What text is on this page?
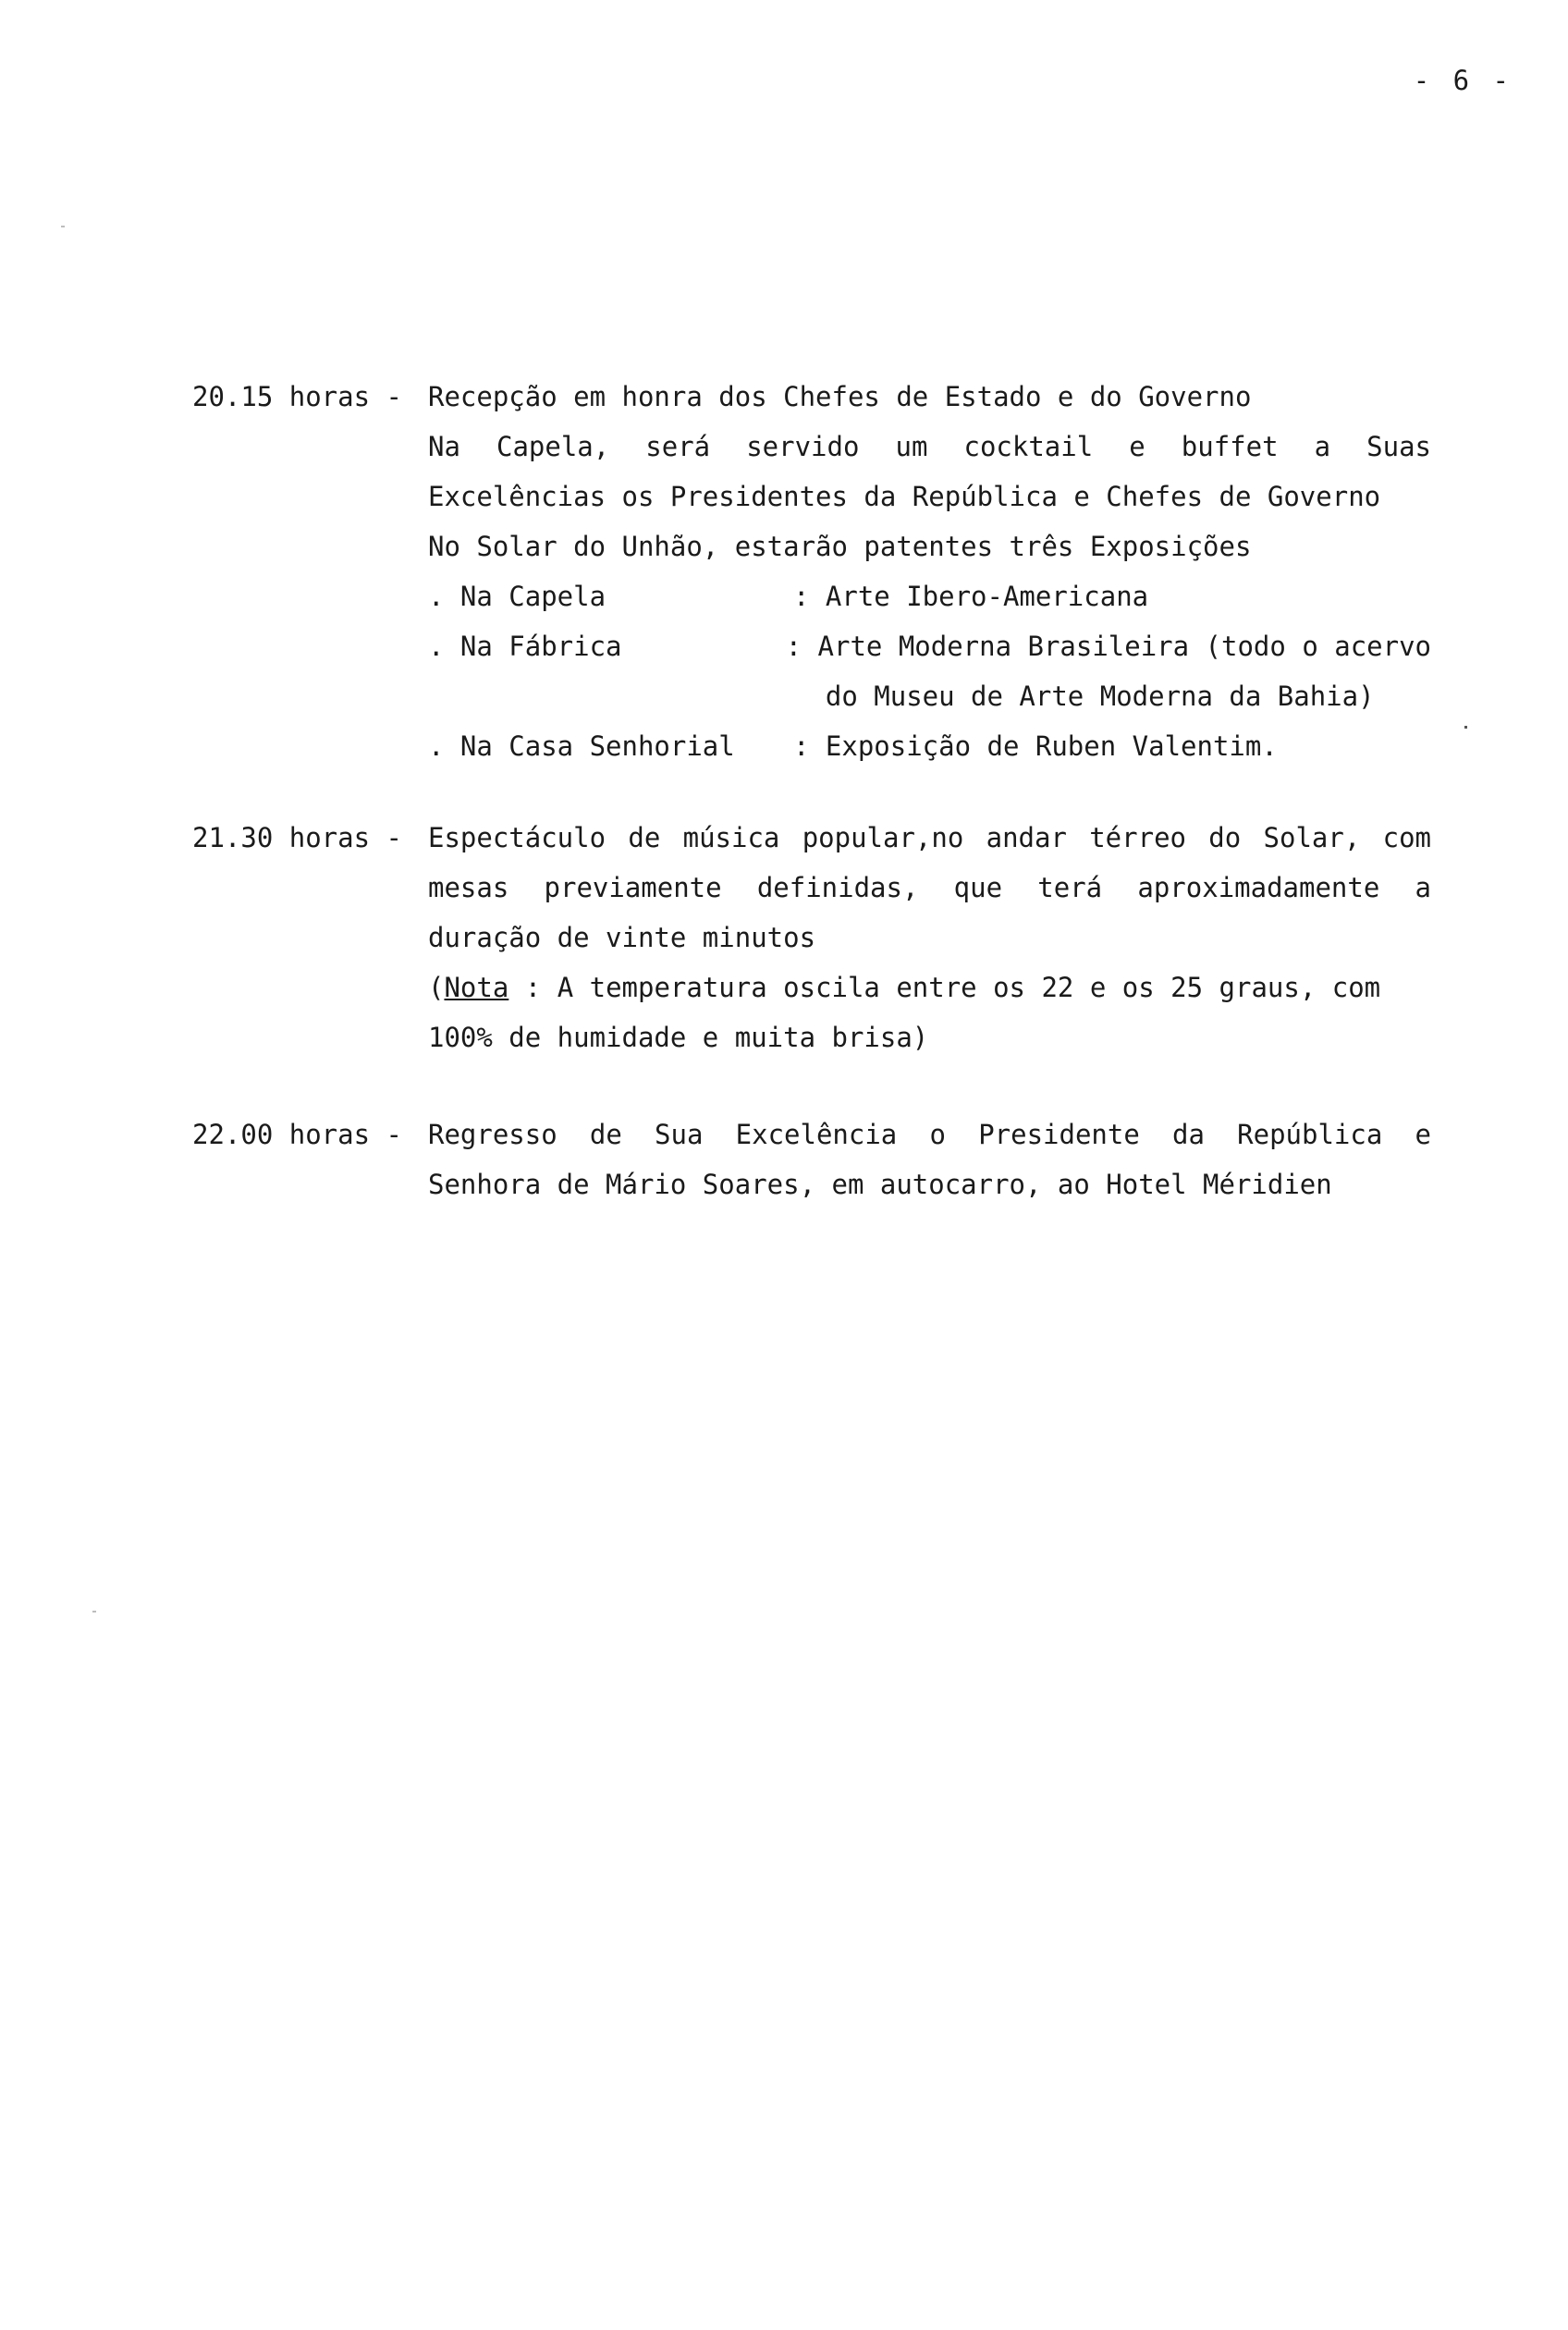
- 6 -
20.15 horas - Recepção em honra dos Chefes de Estado e do Governo
Na Capela, será servido um cocktail e buffet a Suas
Excelências os Presidentes da República e Chefes de Governo
No Solar do Unhão, estarão patentes três Exposições
. Na Capela	: Arte Ibero-Americana
. Na Fábrica	: Arte Moderna Brasileira (todo o acervo
do Museu de Arte Moderna da Bahia)
. Na Casa Senhorial	: Exposição de Ruben Valentim.
21.30 horas - Espectáculo de música popular,no andar térreo do Solar, com
mesas previamente definidas, que terá aproximadamente a
duração de vinte minutos
(Nota : A temperatura oscila entre os 22 e os 25 graus, com
100% de humidade e muita brisa)
22.00 horas - Regresso de Sua Excelência o Presidente da República e
Senhora de Mário Soares, em autocarro, ao Hotel Méridien
